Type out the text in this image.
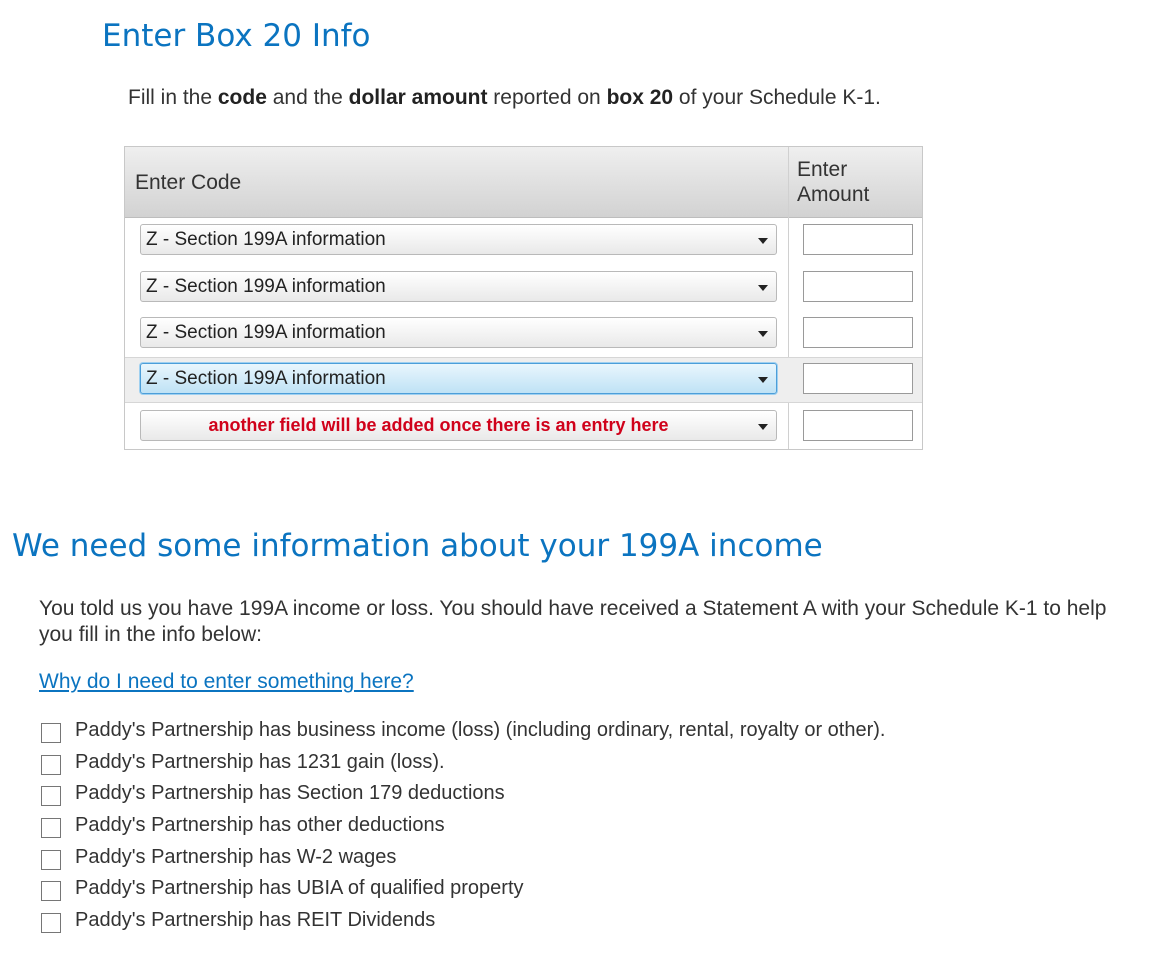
Enter Box 20 Info
Fill in the code and the dollar amount reported on box 20 of your Schedule K-1.
Enter Code
Enter
Amount
Z - Section 199A information
Z - Section 199A information
Z - Section 199A information
Z - Section 199A information
another field will be added once there is an entry here
We need some information about your 199A income
You told us you have 199A income or loss. You should have received a Statement A with your Schedule K-1 to help you fill in the info below:
Why do I need to enter something here?
Paddy's Partnership has business income (loss) (including ordinary, rental, royalty or other).
Paddy's Partnership has 1231 gain (loss).
Paddy's Partnership has Section 179 deductions
Paddy's Partnership has other deductions
Paddy's Partnership has W-2 wages
Paddy's Partnership has UBIA of qualified property
Paddy's Partnership has REIT Dividends
